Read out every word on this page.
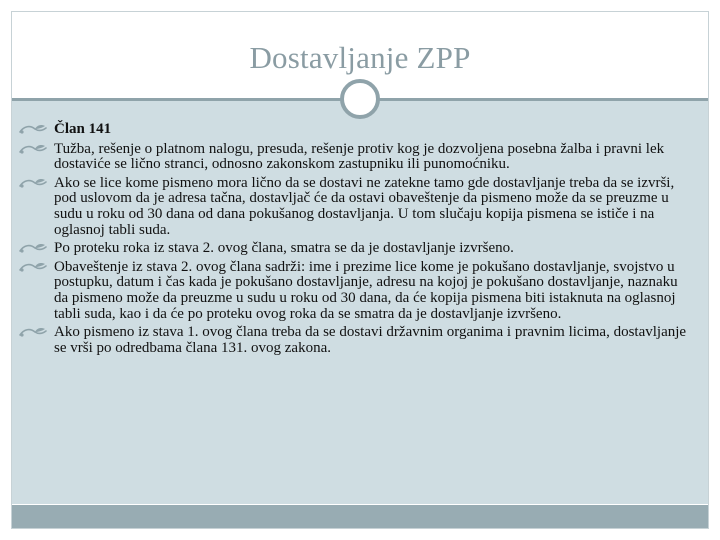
Dostavljanje ZPP
Član 141
Tužba, rešenje o platnom nalogu, presuda, rešenje protiv kog je dozvoljena posebna žalba i pravni lek dostaviće se lično stranci, odnosno zakonskom zastupniku ili punomoćniku.
Ako se lice kome pismeno mora lično da se dostavi ne zatekne tamo gde dostavljanje treba da se izvrši, pod uslovom da je adresa tačna, dostavljač će da ostavi obaveštenje da pismeno može da se preuzme u sudu u roku od 30 dana od dana pokušanog dostavljanja. U tom slučaju kopija pismena se ističe i na oglasnoj tabli suda.
Po proteku roka iz stava 2. ovog člana, smatra se da je dostavljanje izvršeno.
Obaveštenje iz stava 2. ovog člana sadrži: ime i prezime lice kome je pokušano dostavljanje, svojstvo u postupku, datum i čas kada je pokušano dostavljanje, adresu na kojoj je pokušano dostavljanje, naznaku da pismeno može da preuzme u sudu u roku od 30 dana, da će kopija pismena biti istaknuta na oglasnoj tabli suda, kao i da će po proteku ovog roka da se smatra da je dostavljanje izvršeno.
Ako pismeno iz stava 1. ovog člana treba da se dostavi državnim organima i pravnim licima, dostavljanje se vrši po odredbama člana 131. ovog zakona.
